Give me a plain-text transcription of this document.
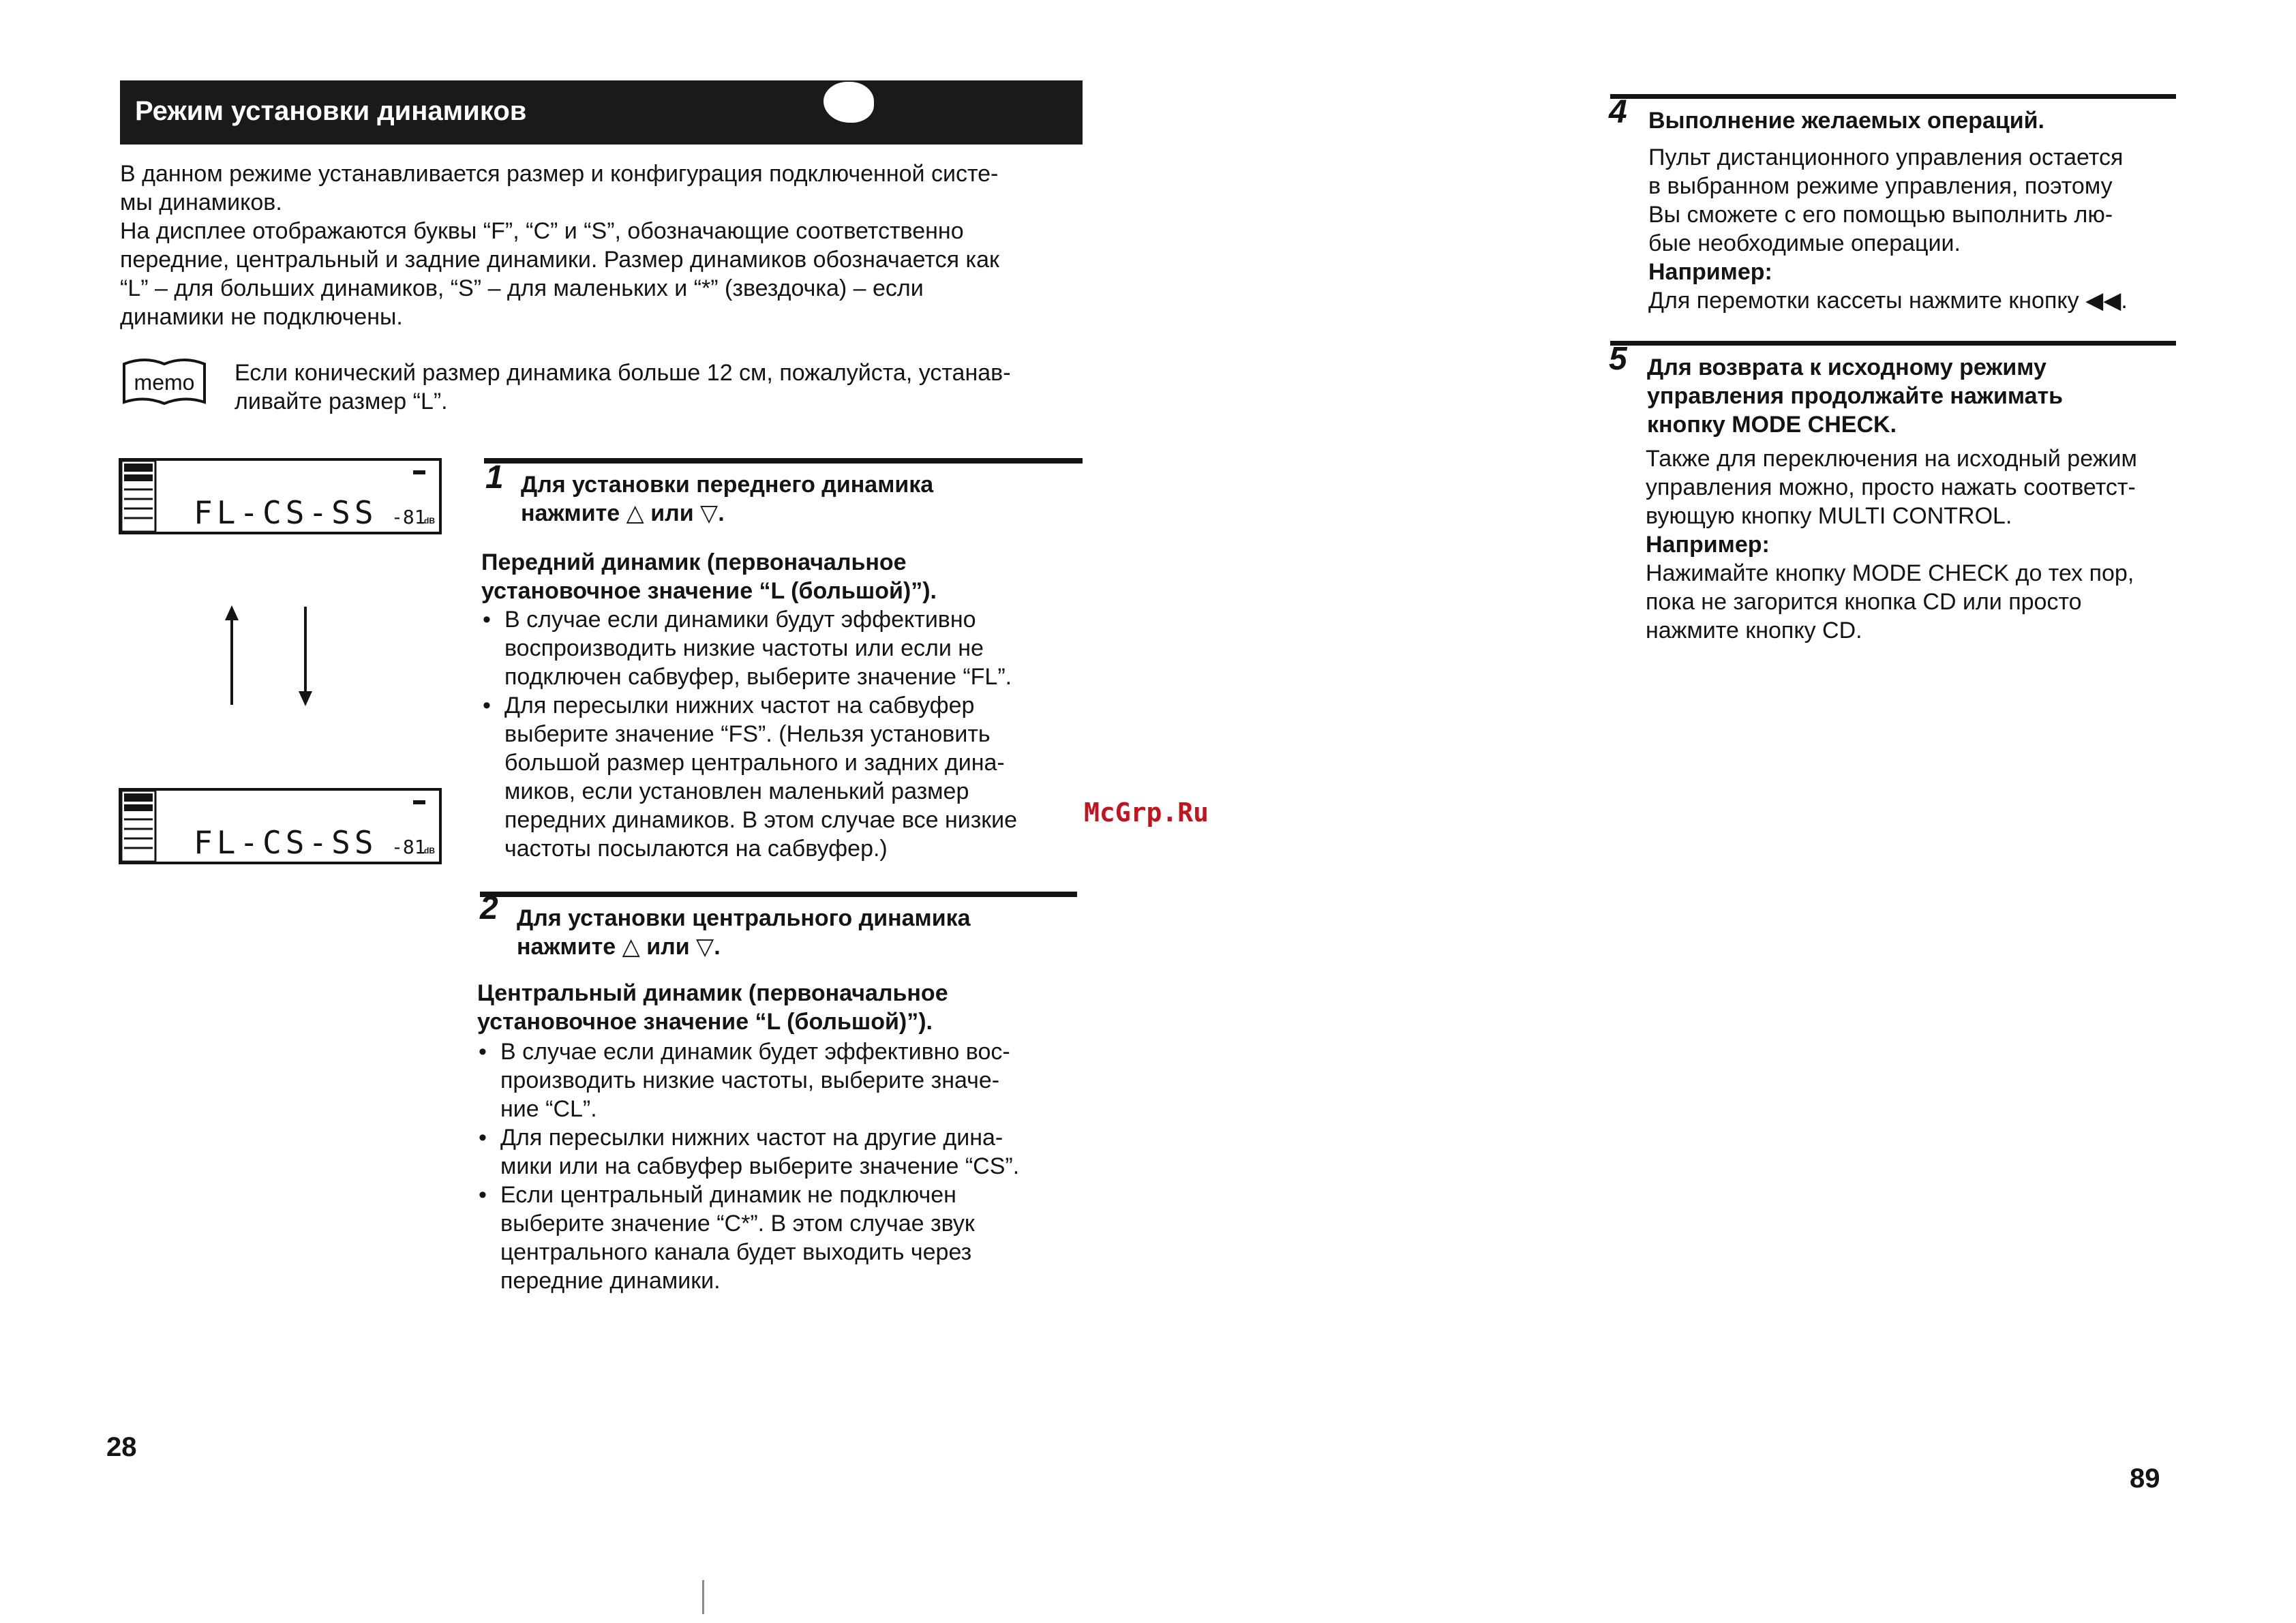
Режим установки динамиков

В данном режиме устанавливается размер и конфигурация подключенной систе-

мы динамиков.

На дисплее отображаются буквы “F”, “C” и “S”, обозначающие соответственно

передние, центральный и задние динамики. Размер динамиков обозначается как

“L” – для больших динамиков, “S” – для маленьких и “*” (звездочка) – если

динамики не подключены.

memo Если конический размер динамика больше 12 см, пожалуйста, устанав-

ливайте размер “L”.

FL-CS-SS -81
dB
FL-CS-SS -81
dB
1 Для установки переднего динамика
нажмите △ или ▽.
Передний динамик (первоначальное
установочное значение “L (большой)”).
• В случае если динамики будут эффективно
воспроизводить низкие частоты или если не
подключен сабвуфер, выберите значение “FL”.
• Для пересылки нижних частот на сабвуфер
выберите значение “FS”. (Нельзя установить
большой размер центрального и задних дина-
миков, если установлен маленький размер
передних динамиков. В этом случае все низкие
частоты посылаются на сабвуфер.)
2 Для установки центрального динамика
нажмите △ или ▽.
Центральный динамик (первоначальное
установочное значение “L (большой)”).
• В случае если динамик будет эффективно вос-
производить низкие частоты, выберите значе-
ние “CL”.
• Для пересылки нижних частот на другие дина-
мики или на сабвуфер выберите значение “CS”.
• Если центральный динамик не подключен
выберите значение “C*”. В этом случае звук
центрального канала будет выходить через
передние динамики.
28
McGrp.Ru
4 Выполнение желаемых операций.

Пульт дистанционного управления остается

в выбранном режиме управления, поэтому

Вы сможете с его помощью выполнить лю-

бые необходимые операции.

Например:

Для перемотки кассеты нажмите кнопку ◀◀.

5 Для возврата к исходному режиму
управления продолжайте нажимать
кнопку MODE CHECK.

Также для переключения на исходный режим

управления можно, просто нажать соответст-

вующую кнопку MULTI CONTROL.

Например:

Нажимайте кнопку MODE CHECK до тех пор,

пока не загорится кнопка CD или просто

нажмите кнопку CD.

89
